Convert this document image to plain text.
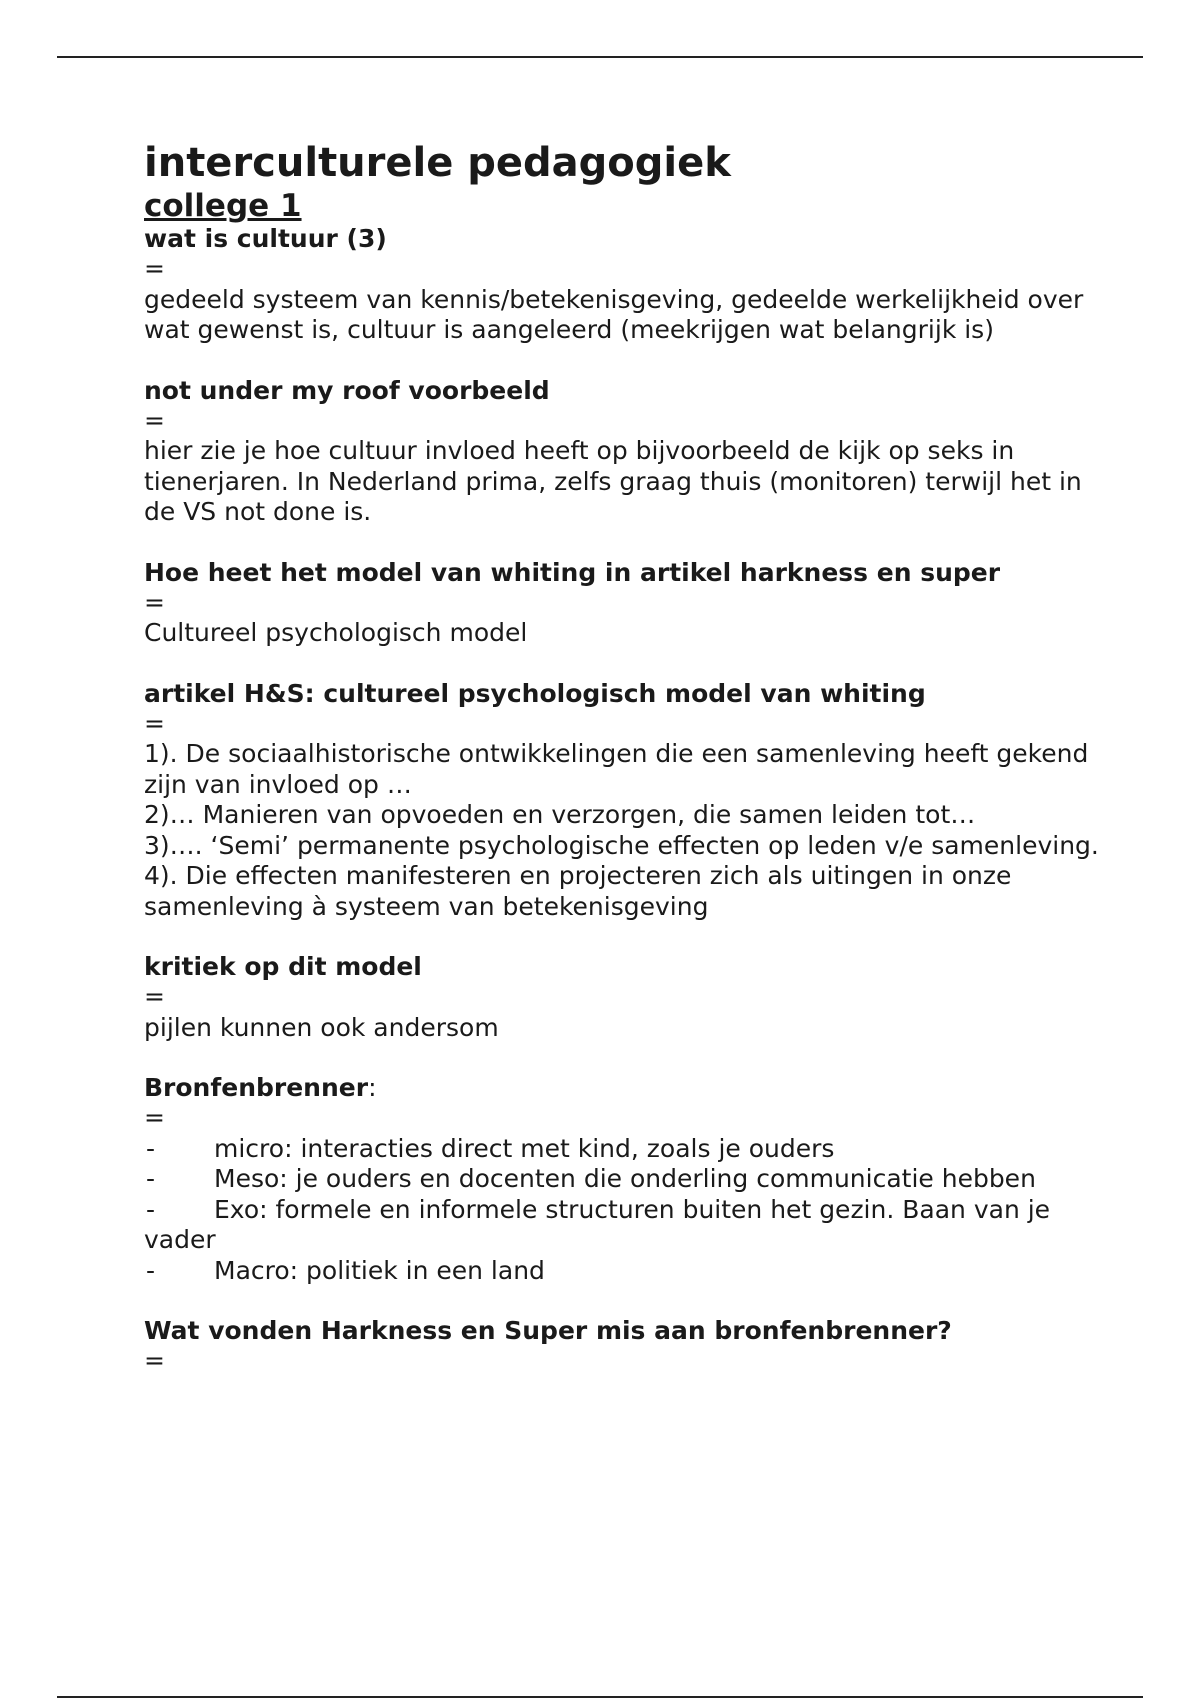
interculturele pedagogiek
college 1

wat is cultuur (3)

=

gedeeld systeem van kennis/betekenisgeving, gedeelde werkelijkheid over wat gewenst is, cultuur is aangeleerd (meekrijgen wat belangrijk is)

not under my roof voorbeeld

=

hier zie je hoe cultuur invloed heeft op bijvoorbeeld de kijk op seks in tienerjaren. In Nederland prima, zelfs graag thuis (monitoren) terwijl het in de VS not done is.

Hoe heet het model van whiting in artikel harkness en super

=

Cultureel psychologisch model

artikel H&S: cultureel psychologisch model van whiting

=

1). De sociaalhistorische ontwikkelingen die een samenleving heeft gekend zijn van invloed op …

2)… Manieren van opvoeden en verzorgen, die samen leiden tot…

3)…. ‘Semi’ permanente psychologische effecten op leden v/e samenleving.

4). Die effecten manifesteren en projecteren zich als uitingen in onze samenleving à systeem van betekenisgeving

kritiek op dit model

=

pijlen kunnen ook andersom

Bronfenbrenner:

=

- micro: interacties direct met kind, zoals je ouders

- Meso: je ouders en docenten die onderling communicatie hebben

- Exo: formele en informele structuren buiten het gezin. Baan van je vader

- Macro: politiek in een land

Wat vonden Harkness en Super mis aan bronfenbrenner?

=
